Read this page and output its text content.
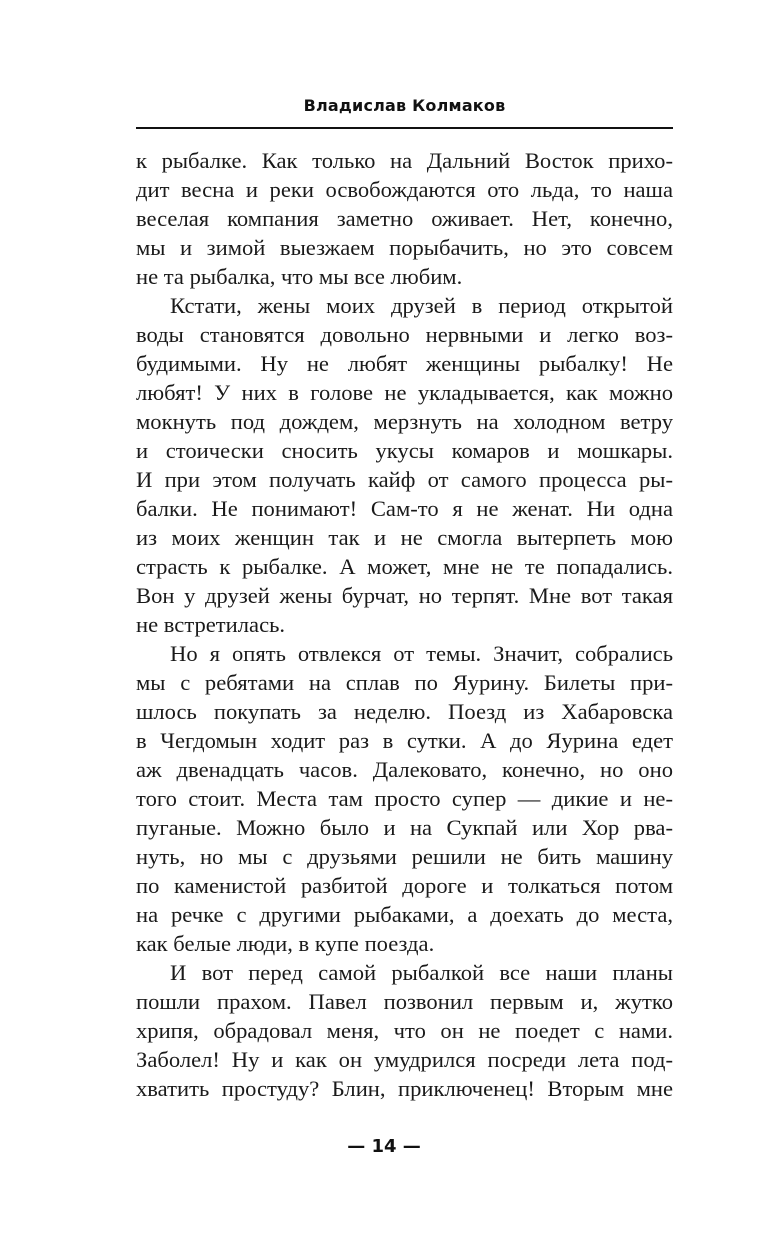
Владислав Колмаков
к рыбалке. Как только на Дальний Восток прихо-
дит весна и реки освобождаются ото льда, то наша
веселая компания заметно оживает. Нет, конечно,
мы и зимой выезжаем порыбачить, но это совсем
не та рыбалка, что мы все любим.
Кстати, жены моих друзей в период открытой
воды становятся довольно нервными и легко воз-
будимыми. Ну не любят женщины рыбалку! Не
любят! У них в голове не укладывается, как можно
мокнуть под дождем, мерзнуть на холодном ветру
и стоически сносить укусы комаров и мошкары.
И при этом получать кайф от самого процесса ры-
балки. Не понимают! Сам-то я не женат. Ни одна
из моих женщин так и не смогла вытерпеть мою
страсть к рыбалке. А может, мне не те попадались.
Вон у друзей жены бурчат, но терпят. Мне вот такая
не встретилась.
Но я опять отвлекся от темы. Значит, собрались
мы с ребятами на сплав по Яурину. Билеты при-
шлось покупать за неделю. Поезд из Хабаровска
в Чегдомын ходит раз в сутки. А до Яурина едет
аж двенадцать часов. Далековато, конечно, но оно
того стоит. Места там просто супер — дикие и не-
пуганые. Можно было и на Сукпай или Хор рва-
нуть, но мы с друзьями решили не бить машину
по каменистой разбитой дороге и толкаться потом
на речке с другими рыбаками, а доехать до места,
как белые люди, в купе поезда.
И вот перед самой рыбалкой все наши планы
пошли прахом. Павел позвонил первым и, жутко
хрипя, обрадовал меня, что он не поедет с нами.
Заболел! Ну и как он умудрился посреди лета под-
хватить простуду? Блин, приключенец! Вторым мне
— 14 —
